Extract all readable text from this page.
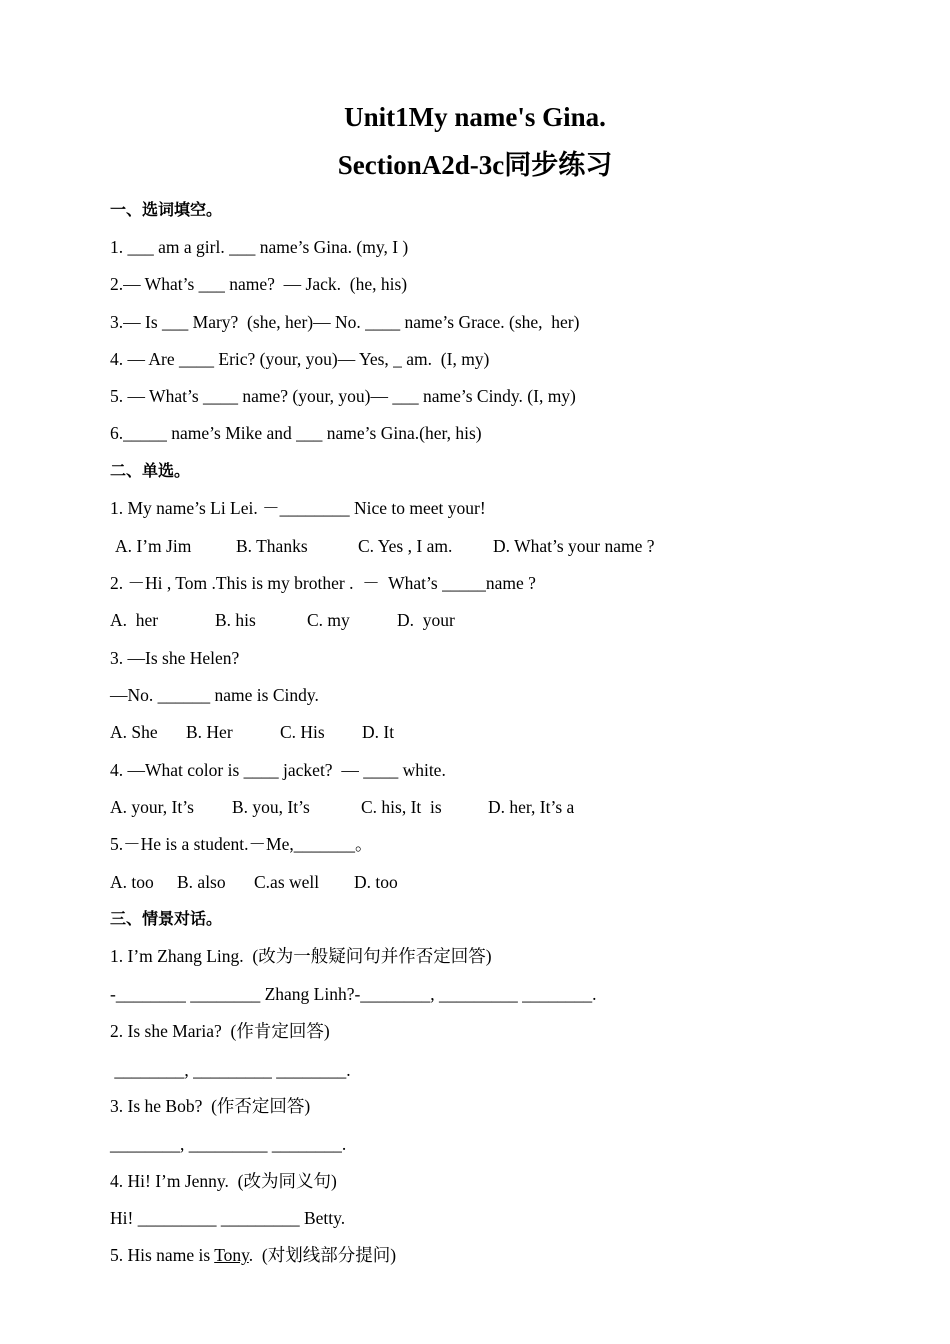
Unit1My name's Gina.
SectionA2d-3c同步练习
一、选词填空。
1. ___ am a girl. ___ name’s Gina. (my, I )
2.— What’s ___ name?  — Jack.  (he, his)
3.— Is ___ Mary?  (she, her)— No. ____ name’s Grace. (she,  her)
4. — Are ____ Eric? (your, you)— Yes, _ am.  (I, my)
5. — What’s ____ name? (your, you)— ___ name’s Cindy. (I, my)
6._____ name’s Mike and ___ name’s Gina.(her, his)
二、单选。
1. My name’s Li Lei. －________ Nice to meet your!
A. I’m Jim	B. Thanks	C. Yes , I am. D. What’s your name ?
2. －Hi , Tom .This is my brother .  －  What’s _____name ?
A.  her	B. his	C. my	D.  your
3. —Is she Helen?
—No. ______ name is Cindy.
A. She B. Her	C. His D. It
4. —What color is ____ jacket?  — ____ white.
A. your, It’s B. you, It’s	C. his, It  is	D. her, It’s a
5.－He is a student.－Me,_______。
A. too B. also C.as well D. too
三、情景对话。
1. I’m Zhang Ling.  (改为一般疑问句并作否定回答)
-________ ________ Zhang Linh?-________, _________ ________.
2. Is she Maria?  (作肯定回答)
________, _________ ________.
3. Is he Bob?  (作否定回答)
________, _________ ________.
4. Hi! I’m Jenny.  (改为同义句)
Hi! _________ _________ Betty.
5. His name is Tony.  (对划线部分提问)
